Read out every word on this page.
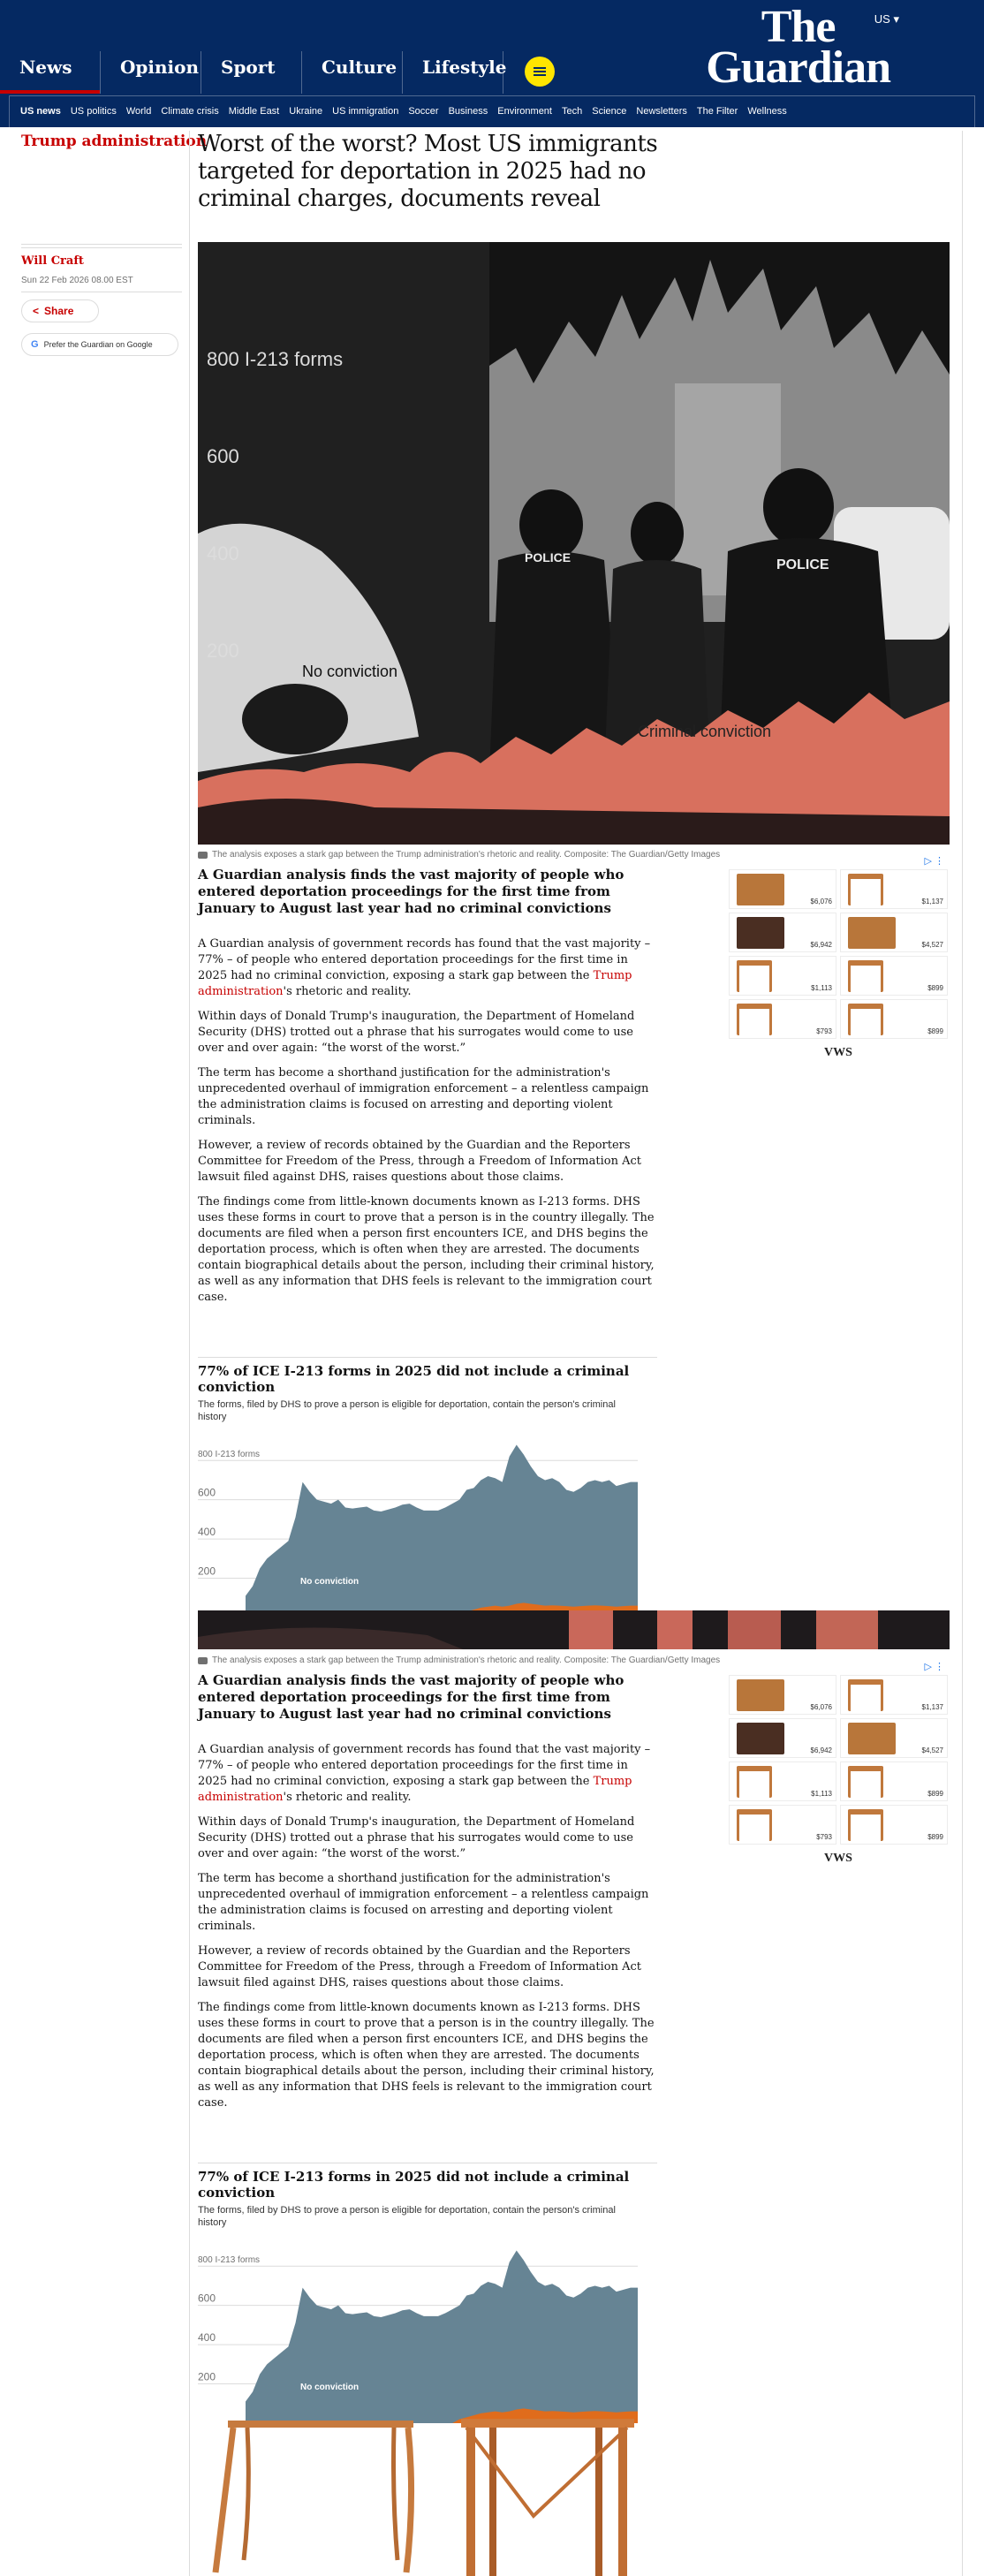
US ▾
The
Guardian
News	Opinion	Sport	Culture	Lifestyle
US news US politics World Climate crisis Middle East Ukraine US immigration Soccer Business Environment Tech Science Newsletters The Filter Wellness
Trump administration
Will Craft
Sun 22 Feb 2026 08.00 EST
< Share
G Prefer the Guardian on Google
Worst of the worst? Most US immigrants targeted for deportation in 2025 had no criminal charges, documents reveal
POLICE	POLICE
800 I-213 forms
600
400
200
No conviction
Criminal conviction
The analysis exposes a stark gap between the Trump administration's rhetoric and reality. Composite: The Guardian/Getty Images
A Guardian analysis finds the vast majority of people who entered deportation proceedings for the first time from January to August last year had no criminal convictions
▷ ⋮
$6,076	$1,137
$6,942	$4,527
$1,113	$899
$793	$899
VWS

A Guardian analysis of government records has found that the vast majority – 77% – of people who entered deportation proceedings for the first time in 2025 had no criminal conviction, exposing a stark gap between the Trump administration's rhetoric and reality.

Within days of Donald Trump's inauguration, the Department of Homeland Security (DHS) trotted out a phrase that his surrogates would come to use over and over again: “the worst of the worst.”

The term has become a shorthand justification for the administration's unprecedented overhaul of immigration enforcement – a relentless campaign the administration claims is focused on arresting and deporting violent criminals.

However, a review of records obtained by the Guardian and the Reporters Committee for Freedom of the Press, through a Freedom of Information Act lawsuit filed against DHS, raises questions about those claims.

The findings come from little-known documents known as I-213 forms. DHS uses these forms in court to prove that a person is in the country illegally. The documents are filed when a person first encounters ICE, and DHS begins the deportation process, which is often when they are arrested. The documents contain biographical details about the person, including their criminal history, as well as any information that DHS feels is relevant to the immigration court case.

77% of ICE I-213 forms in 2025 did not include a criminal conviction
The forms, filed by DHS to prove a person is eligible for deportation, contain the person's criminal history
200
400
600
800 I-213 forms
No conviction
The analysis exposes a stark gap between the Trump administration's rhetoric and reality. Composite: The Guardian/Getty Images
A Guardian analysis finds the vast majority of people who entered deportation proceedings for the first time from January to August last year had no criminal convictions
▷ ⋮
$6,076	$1,137
$6,942	$4,527
$1,113	$899
$793	$899
VWS

A Guardian analysis of government records has found that the vast majority – 77% – of people who entered deportation proceedings for the first time in 2025 had no criminal conviction, exposing a stark gap between the Trump administration's rhetoric and reality.

Within days of Donald Trump's inauguration, the Department of Homeland Security (DHS) trotted out a phrase that his surrogates would come to use over and over again: “the worst of the worst.”

The term has become a shorthand justification for the administration's unprecedented overhaul of immigration enforcement – a relentless campaign the administration claims is focused on arresting and deporting violent criminals.

However, a review of records obtained by the Guardian and the Reporters Committee for Freedom of the Press, through a Freedom of Information Act lawsuit filed against DHS, raises questions about those claims.

The findings come from little-known documents known as I-213 forms. DHS uses these forms in court to prove that a person is in the country illegally. The documents are filed when a person first encounters ICE, and DHS begins the deportation process, which is often when they are arrested. The documents contain biographical details about the person, including their criminal history, as well as any information that DHS feels is relevant to the immigration court case.

77% of ICE I-213 forms in 2025 did not include a criminal conviction
The forms, filed by DHS to prove a person is eligible for deportation, contain the person's criminal history
200
400
600
800 I-213 forms
No conviction
